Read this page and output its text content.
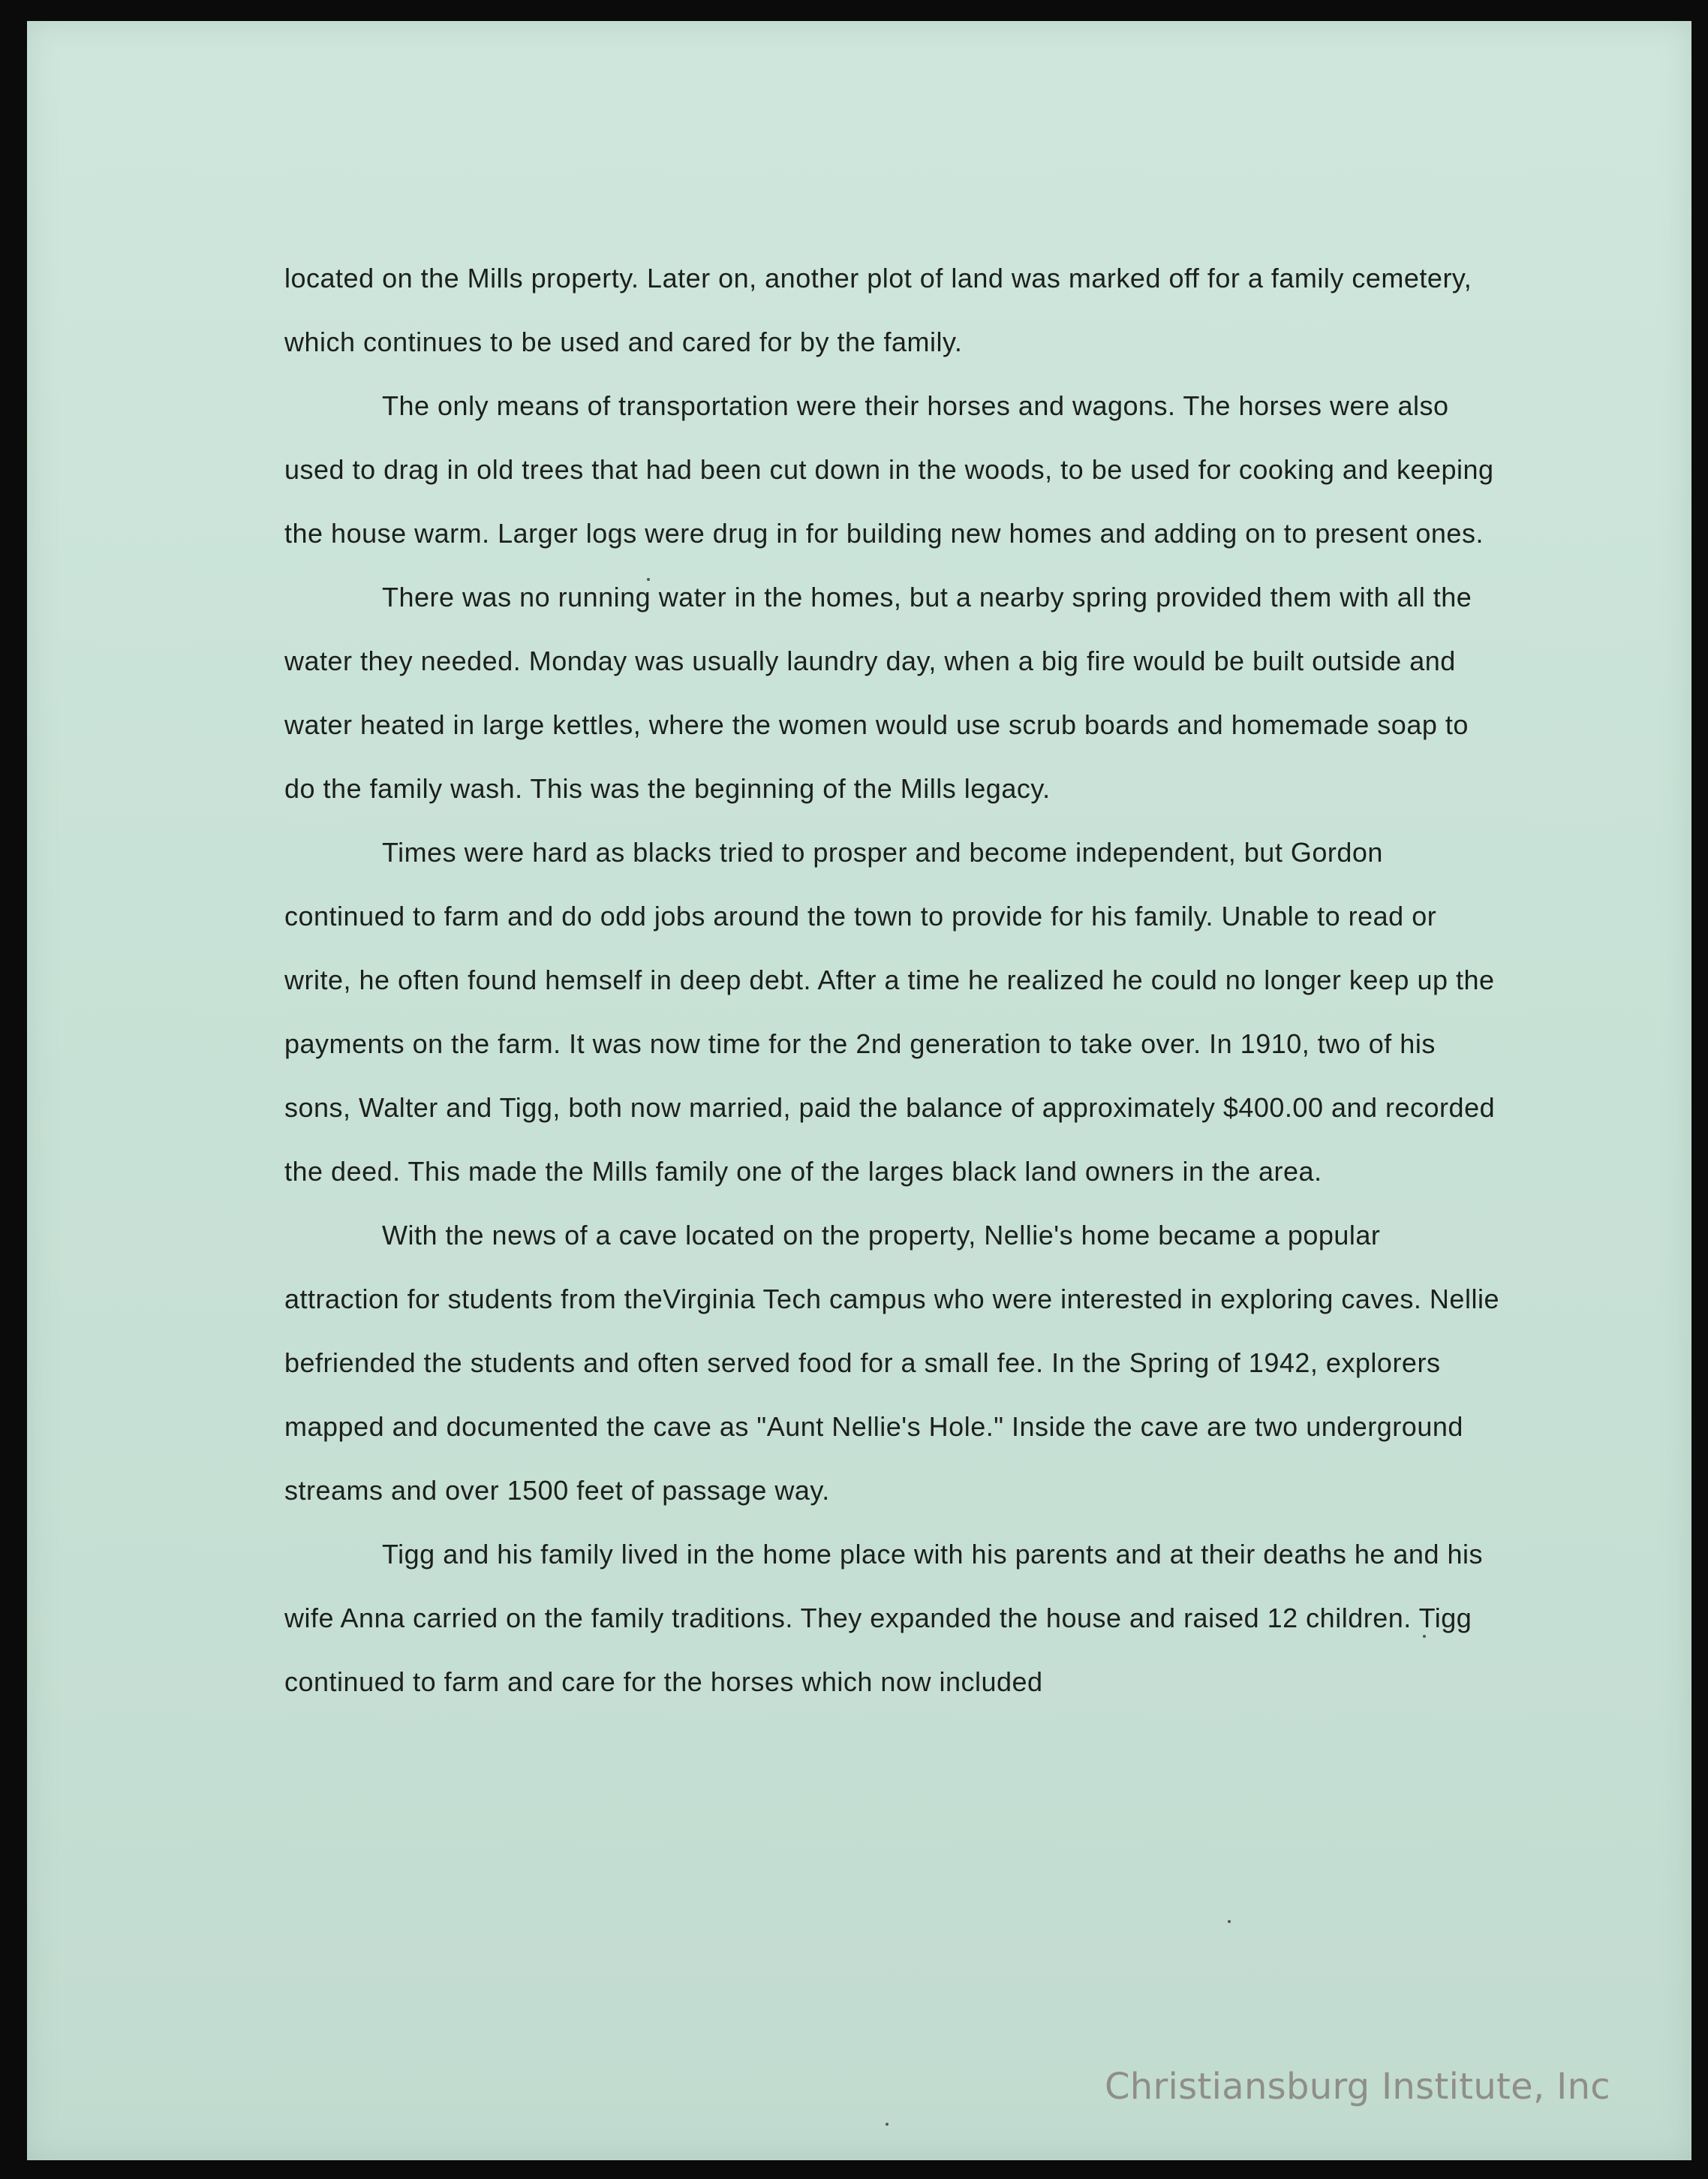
located on the Mills property. Later on, another plot of land was marked off for a family cemetery, which continues to be used and cared for by the family.

The only means of transportation were their horses and wagons. The horses were also used to drag in old trees that had been cut down in the woods, to be used for cooking and keeping the house warm. Larger logs were drug in for building new homes and adding on to present ones.

There was no running water in the homes, but a nearby spring provided them with all the water they needed. Monday was usually laundry day, when a big fire would be built outside and water heated in large kettles, where the women would use scrub boards and homemade soap to do the family wash. This was the beginning of the Mills legacy.

Times were hard as blacks tried to prosper and become independent, but Gordon continued to farm and do odd jobs around the town to provide for his family. Unable to read or write, he often found hemself in deep debt. After a time he realized he could no longer keep up the payments on the farm. It was now time for the 2nd generation to take over. In 1910, two of his sons, Walter and Tigg, both now married, paid the balance of approximately $400.00 and recorded the deed. This made the Mills family one of the larges black land owners in the area.

With the news of a cave located on the property, Nellie's home became a popular attraction for students from theVirginia Tech campus who were interested in exploring caves. Nellie befriended the students and often served food for a small fee. In the Spring of 1942, explorers mapped and documented the cave as "Aunt Nellie's Hole." Inside the cave are two underground streams and over 1500 feet of passage way.

Tigg and his family lived in the home place with his parents and at their deaths he and his wife Anna carried on the family traditions. They expanded the house and raised 12 children. Tigg continued to farm and care for the horses which now included

Christiansburg Institute, Inc
